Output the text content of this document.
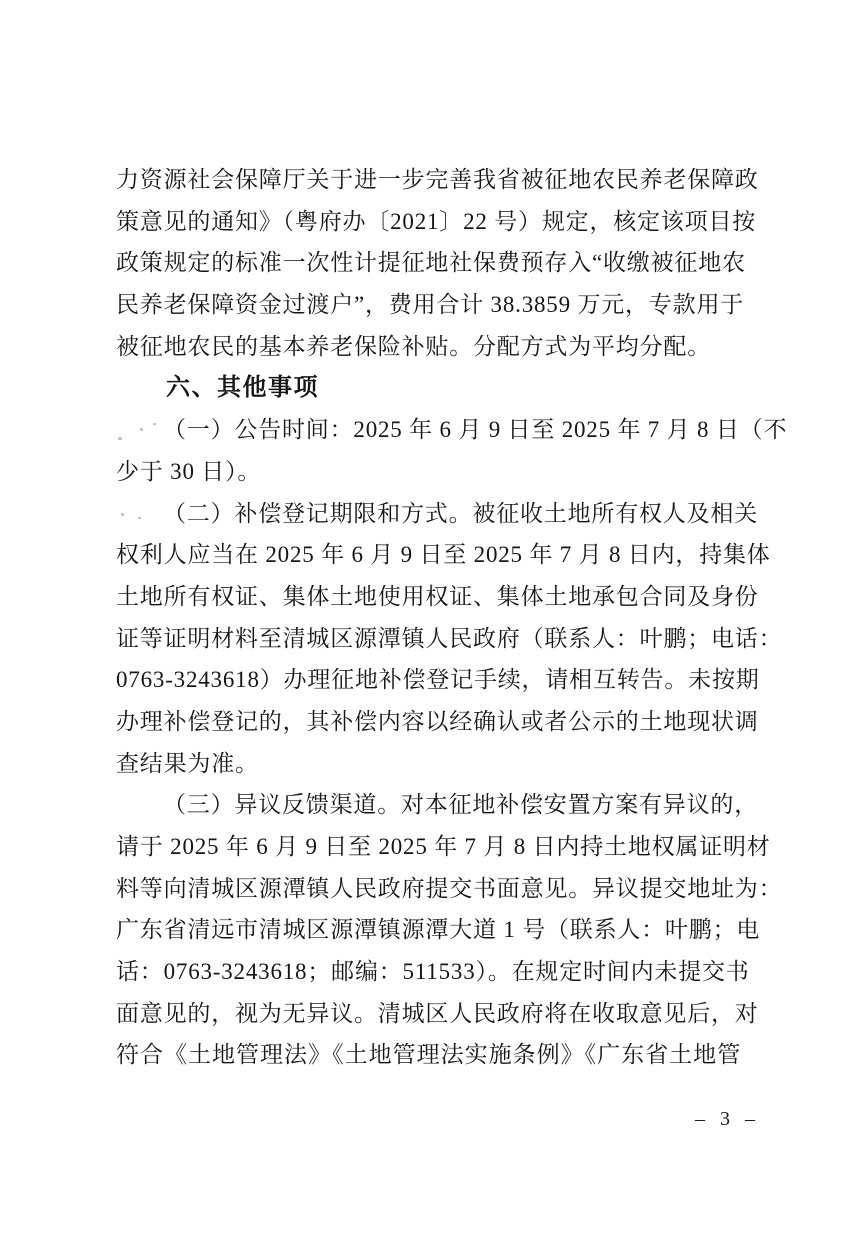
力资源社会保障厅关于进一步完善我省被征地农民养老保障政
策意见的通知》（粤府办〔2021〕22 号）规定，核定该项目按
政策规定的标准一次性计提征地社保费预存入“收缴被征地农
民养老保障资金过渡户”，费用合计 38.3859 万元，专款用于
被征地农民的基本养老保险补贴。分配方式为平均分配。
六、其他事项
（一）公告时间：2025 年 6 月 9 日至 2025 年 7 月 8 日（不
少于 30 日）。
（二）补偿登记期限和方式。被征收土地所有权人及相关
权利人应当在 2025 年 6 月 9 日至 2025 年 7 月 8 日内，持集体
土地所有权证、集体土地使用权证、集体土地承包合同及身份
证等证明材料至清城区源潭镇人民政府（联系人：叶鹏；电话：
0763-3243618）办理征地补偿登记手续，请相互转告。未按期
办理补偿登记的，其补偿内容以经确认或者公示的土地现状调
查结果为准。
（三）异议反馈渠道。对本征地补偿安置方案有异议的，
请于 2025 年 6 月 9 日至 2025 年 7 月 8 日内持土地权属证明材
料等向清城区源潭镇人民政府提交书面意见。异议提交地址为：
广东省清远市清城区源潭镇源潭大道 1 号（联系人：叶鹏；电
话：0763-3243618；邮编：511533）。在规定时间内未提交书
面意见的，视为无异议。清城区人民政府将在收取意见后，对
符合《土地管理法》《土地管理法实施条例》《广东省土地管
– 3 –
